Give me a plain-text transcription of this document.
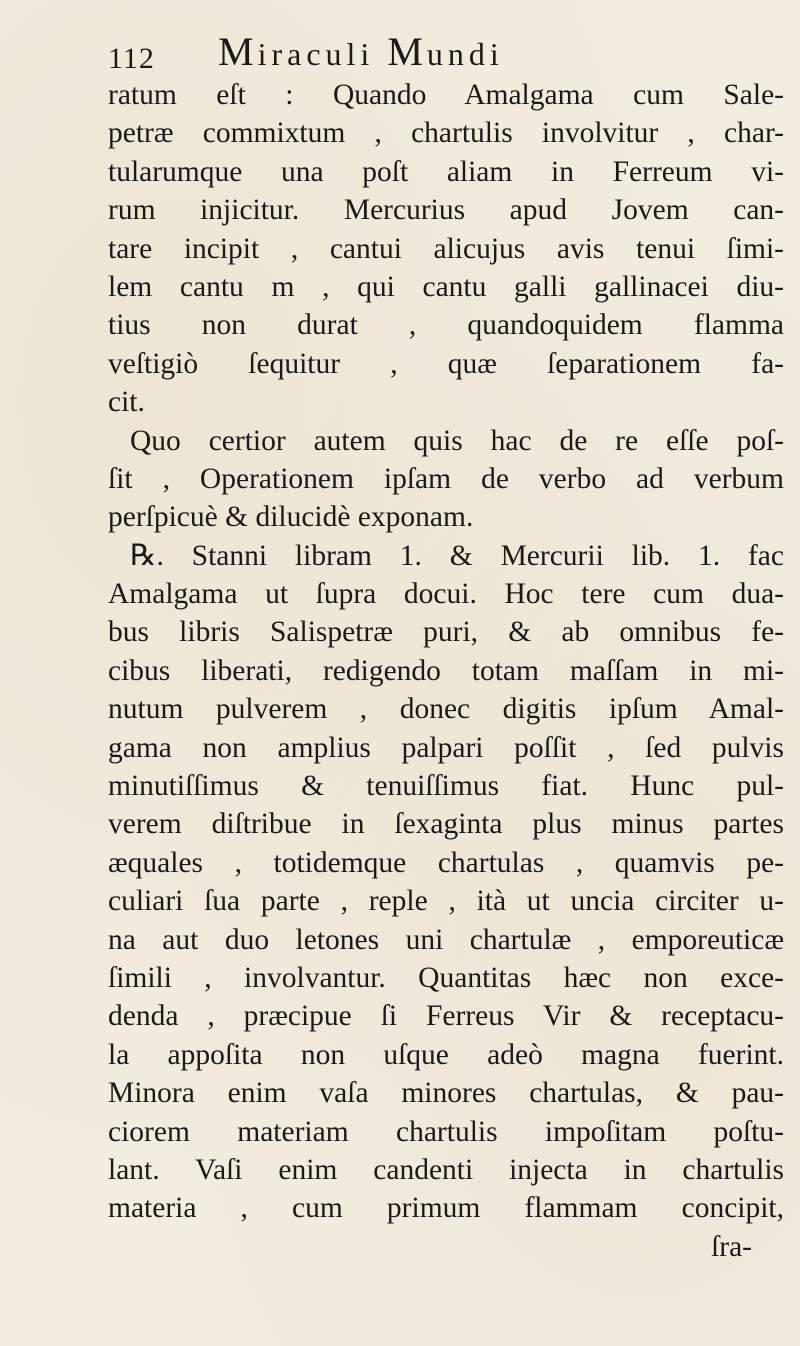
112 Miraculi Mundi
ratum eſt : Quando Amalgama cum Sale-
petræ commixtum , chartulis involvitur , char-
tularumque una poſt aliam in Ferreum vi-
rum injicitur. Mercurius apud Jovem can-
tare incipit , cantui alicujus avis tenui ſimi-
lem cantu m , qui cantu galli gallinacei diu-
tius non durat , quandoquidem flamma
veſtigiò ſequitur , quæ ſeparationem fa-
cit.
Quo certior autem quis hac de re eſſe poſ-
ſit , Operationem ipſam de verbo ad verbum
perſpicuè & dilucidè exponam.
℞. Stanni libram 1. & Mercurii lib. 1. fac
Amalgama ut ſupra docui. Hoc tere cum dua-
bus libris Salispetræ puri, & ab omnibus fe-
cibus liberati, redigendo totam maſſam in mi-
nutum pulverem , donec digitis ipſum Amal-
gama non amplius palpari poſſit , ſed pulvis
minutiſſimus & tenuiſſimus fiat. Hunc pul-
verem diſtribue in ſexaginta plus minus partes
æquales , totidemque chartulas , quamvis pe-
culiari ſua parte , reple , ità ut uncia circiter u-
na aut duo letones uni chartulæ , emporeuticæ
ſimili , involvantur. Quantitas hæc non exce-
denda , præcipue ſi Ferreus Vir & receptacu-
la appoſita non uſque adeò magna fuerint.
Minora enim vaſa minores chartulas, & pau-
ciorem materiam chartulis impoſitam poſtu-
lant. Vaſi enim candenti injecta in chartulis
materia , cum primum flammam concipit,
ſra-
